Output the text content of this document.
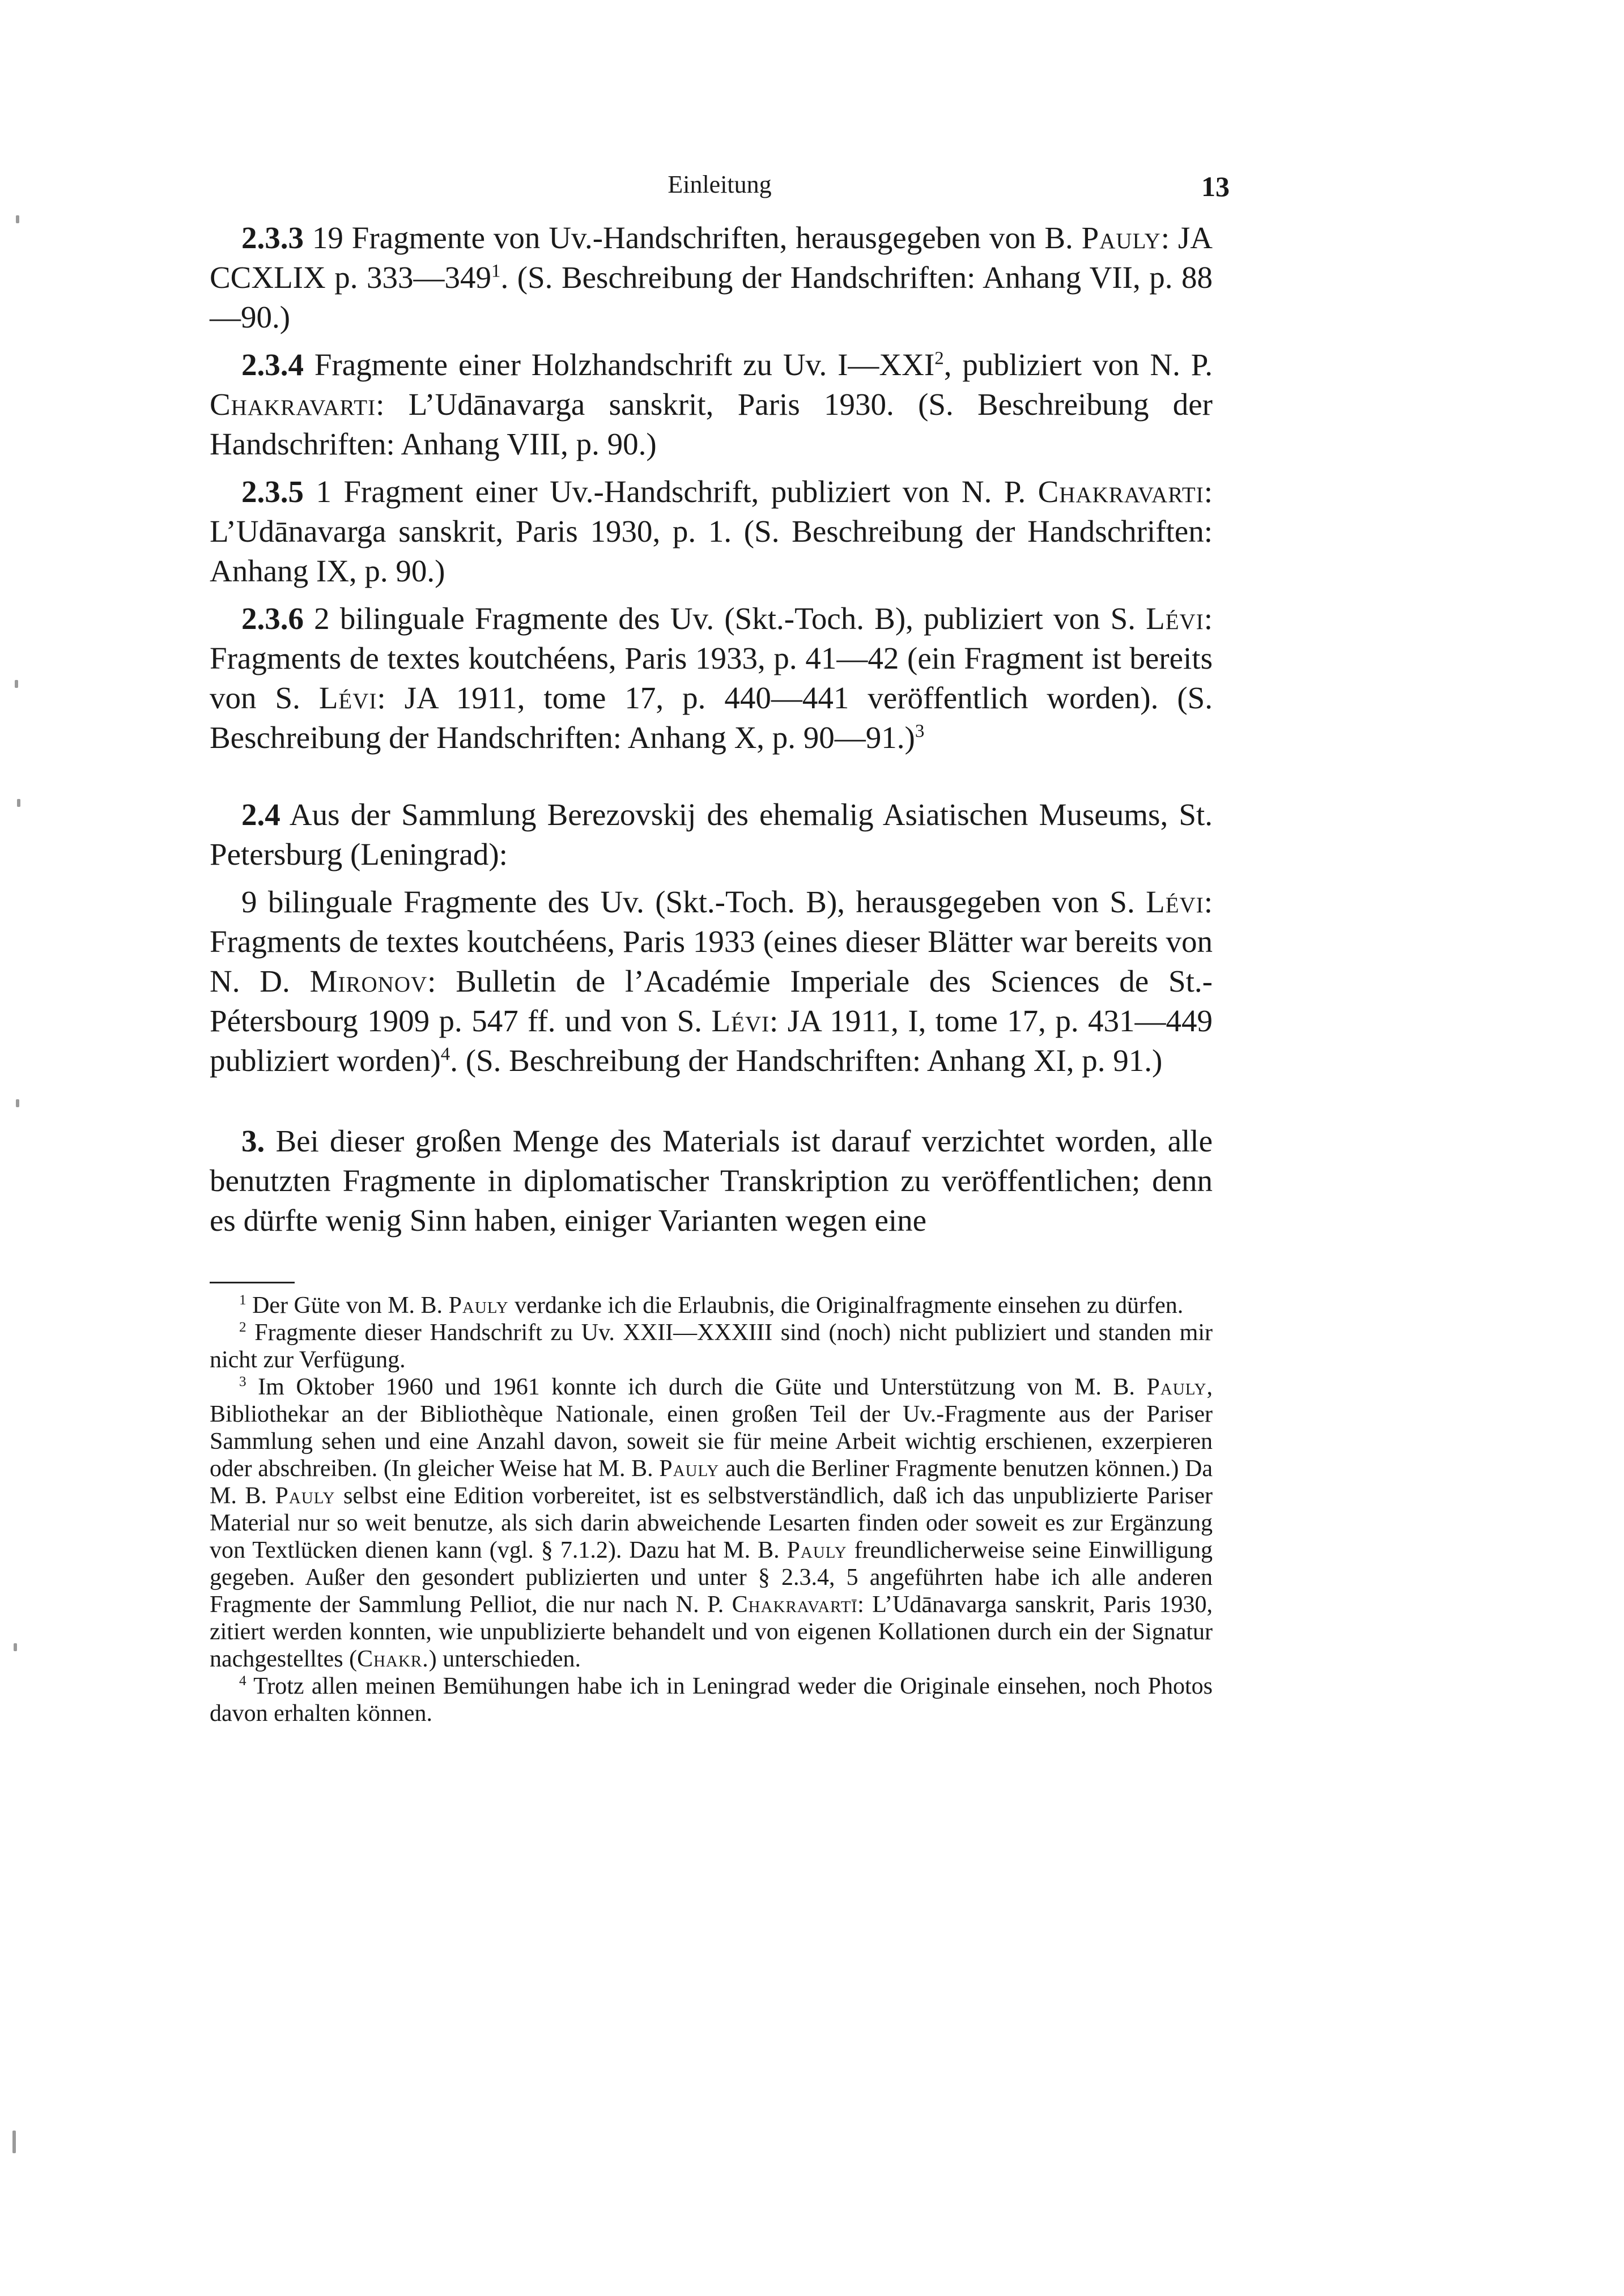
Einleitung	13

2.3.3 19 Fragmente von Uv.-Handschriften, herausgegeben von B. Pauly: JA CCXLIX p. $333—349^1$. (S. Beschreibung der Handschriften: Anhang VII, p. 88—90.)

2.3.4 Fragmente einer Holzhandschrift zu Uv. I—XXI$^2$, publiziert von N. P. Chakravarti: L’Udānavarga sanskrit, Paris 1930. (S. Beschreibung der Handschriften: Anhang VIII, p. 90.)

2.3.5 1 Fragment einer Uv.-Handschrift, publiziert von N. P. Chakravarti: L’Udānavarga sanskrit, Paris 1930, p. 1. (S. Beschreibung der Handschriften: Anhang IX, p. 90.)

2.3.6 2 bilinguale Fragmente des Uv. (Skt.-Toch. B), publiziert von S. Lévi: Fragments de textes koutchéens, Paris 1933, p. 41—42 (ein Fragment ist bereits von S. Lévi: JA 1911, tome 17, p. 440—441 veröffentlich worden). (S. Beschreibung der Handschriften: Anhang X, p. 90—91.)$^3$

2.4 Aus der Sammlung Berezovskij des ehemalig Asiatischen Museums, St. Petersburg (Leningrad):

9 bilinguale Fragmente des Uv. (Skt.-Toch. B), herausgegeben von S. Lévi: Fragments de textes koutchéens, Paris 1933 (eines dieser Blätter war bereits von N. D. Mironov: Bulletin de l’Académie Imperiale des Sciences de St.-Pétersbourg 1909 p. 547 ff. und von S. Lévi: JA 1911, I, tome 17, p. 431—449 publiziert worden)$^4$. (S. Beschreibung der Handschriften: Anhang XI, p. 91.)

3. Bei dieser großen Menge des Materials ist darauf verzichtet worden, alle benutzten Fragmente in diplomatischer Transkription zu veröffentlichen; denn es dürfte wenig Sinn haben, einiger Varianten wegen eine

$^1$ Der Güte von M. B. Pauly verdanke ich die Erlaubnis, die Originalfragmente einsehen zu dürfen.

$^2$ Fragmente dieser Handschrift zu Uv. XXII—XXXIII sind (noch) nicht publiziert und standen mir nicht zur Verfügung.

$^3$ Im Oktober 1960 und 1961 konnte ich durch die Güte und Unterstützung von M. B. Pauly, Bibliothekar an der Bibliothèque Nationale, einen großen Teil der Uv.-Fragmente aus der Pariser Sammlung sehen und eine Anzahl davon, soweit sie für meine Arbeit wichtig erschienen, exzerpieren oder abschreiben. (In gleicher Weise hat M. B. Pauly auch die Berliner Fragmente benutzen können.) Da M. B. Pauly selbst eine Edition vorbereitet, ist es selbstverständlich, daß ich das unpublizierte Pariser Material nur so weit benutze, als sich darin abweichende Lesarten finden oder soweit es zur Ergänzung von Textlücken dienen kann (vgl. § 7.1.2). Dazu hat M. B. Pauly freundlicherweise seine Einwilligung gegeben. Außer den gesondert publizierten und unter § 2.3.4, 5 angeführten habe ich alle anderen Fragmente der Sammlung Pelliot, die nur nach N. P. Chakravartī: L’Udānavarga sanskrit, Paris 1930, zitiert werden konnten, wie unpublizierte behandelt und von eigenen Kollationen durch ein der Signatur nachgestelltes (Chakr.) unterschieden.

$^4$ Trotz allen meinen Bemühungen habe ich in Leningrad weder die Originale einsehen, noch Photos davon erhalten können.
